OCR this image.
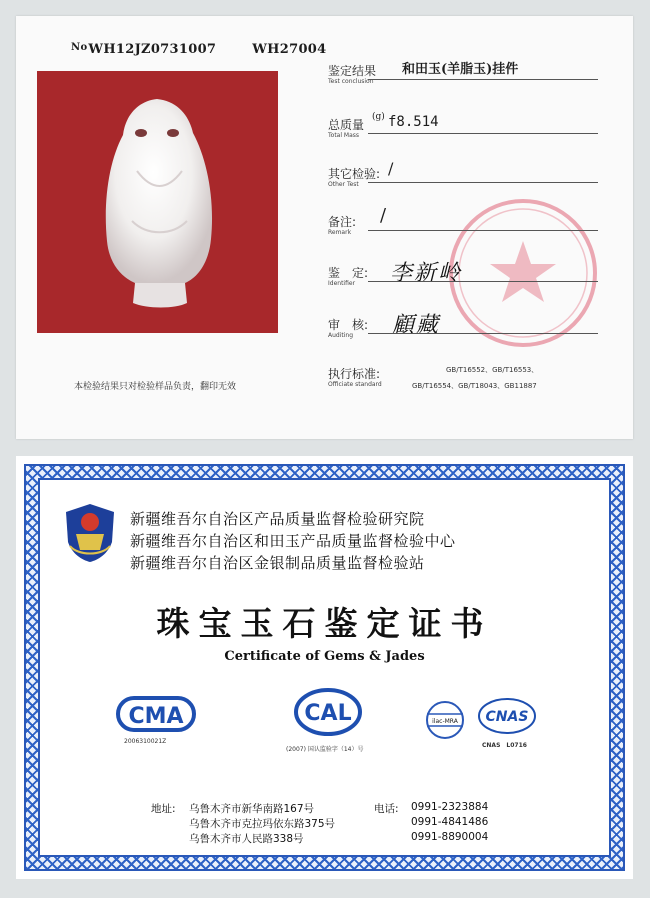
$^{No}$WH12JZ0731007	WH27004
本检验结果只对检验样品负责，翻印无效
鉴定结果 和田玉(羊脂玉)挂件
Test conclusion
总质量
(g) f8.514
Total Mass
其它检验: /
Other Test
备注: /
Remark
鉴　定: 李新岭
Identifier
审　核: 顧藏
Auditing
执行标准:	GB/T16552、GB/T16553、
Officiate standard	GB/T16554、GB/T18043、GB11887
新疆维吾尔自治区产品质量监督检验研究院
新疆维吾尔自治区和田玉产品质量监督检验中心
新疆维吾尔自治区金银制品质量监督检验站
珠宝玉石鉴定证书
Certificate of Gems & Jades
CMA
2006310021Z
CAL
(2007) 国认监验字（14）号
ilac-MRA CNAS
CNAS　L0716
地址: 乌鲁木齐市新华南路167号
乌鲁木齐市克拉玛依东路375号
乌鲁木齐市人民路338号
电话: 0991-2323884
0991-4841486
0991-8890004
